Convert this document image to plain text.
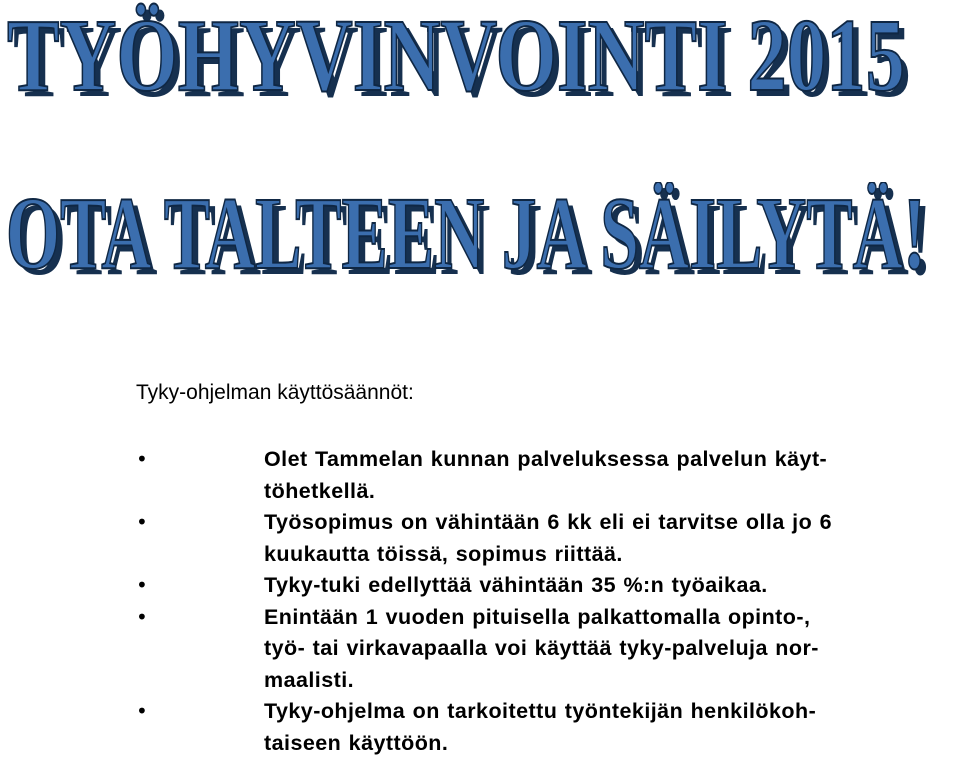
TYÖHYVINVOINTI 2015
TYÖHYVINVOINTI 2015
OTA TALTEEN JA SÄILYTÄ!
OTA TALTEEN JA SÄILYTÄ!
Tyky-ohjelman käyttösäännöt:
•	Olet Tammelan kunnan palveluksessa palvelun käyt-
töhetkellä.
•	Työsopimus on vähintään 6 kk eli ei tarvitse olla jo 6
kuukautta töissä, sopimus riittää.
•	Tyky-tuki edellyttää vähintään 35 %:n työaikaa.
•	Enintään 1 vuoden pituisella palkattomalla opinto-,
työ- tai virkavapaalla voi käyttää tyky-palveluja nor-
maalisti.
•	Tyky-ohjelma on tarkoitettu työntekijän henkilökoh-
taiseen käyttöön.
